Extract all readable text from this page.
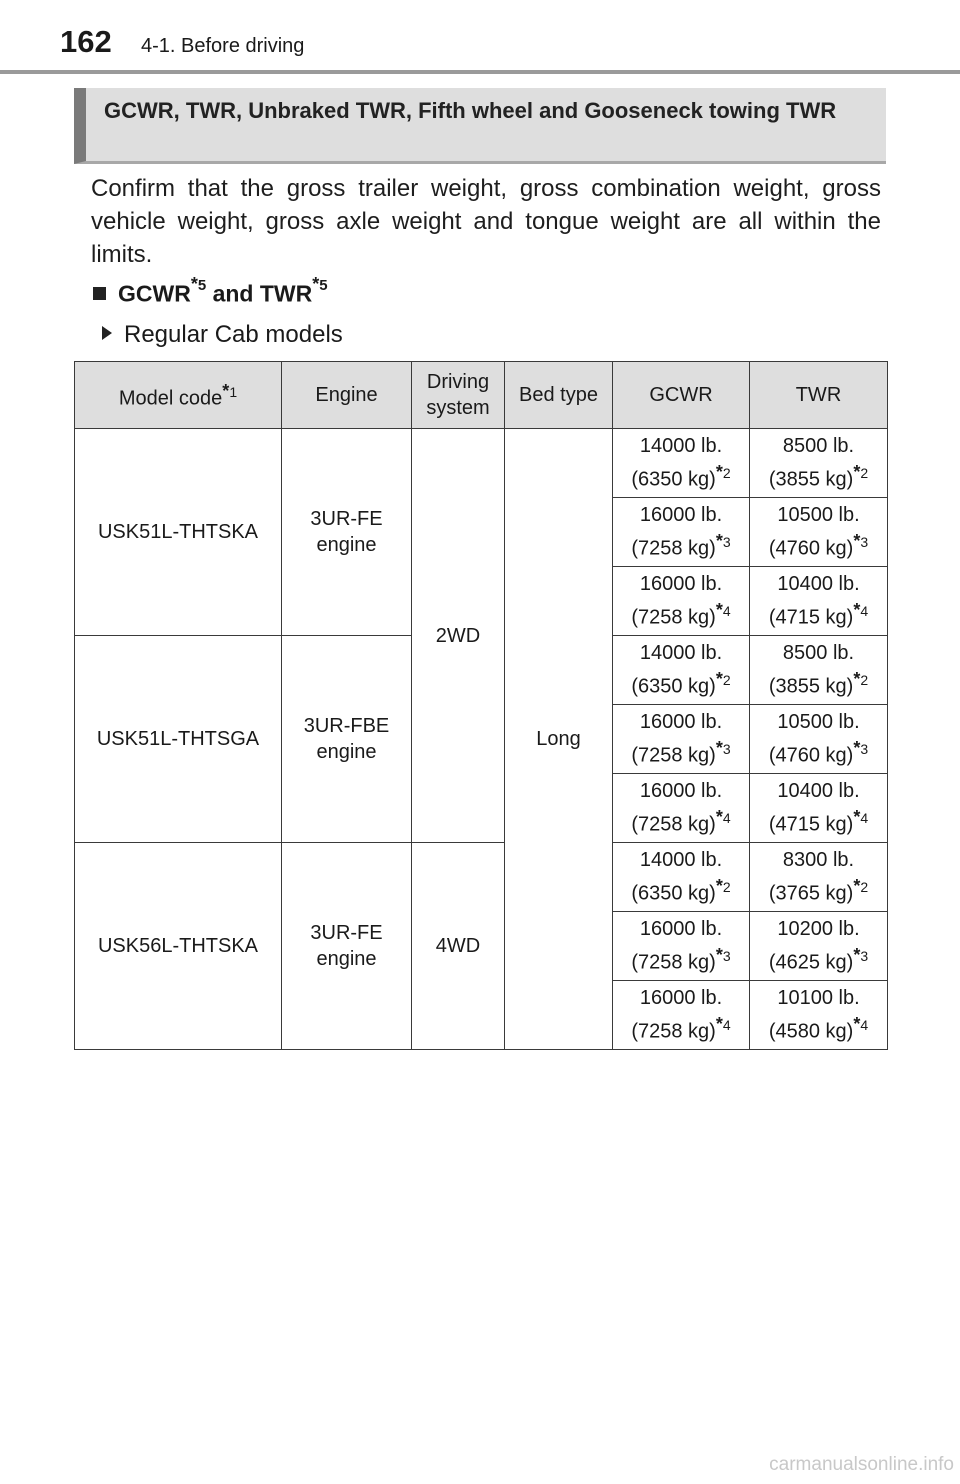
162 4-1. Before driving
GCWR, TWR, Unbraked TWR, Fifth wheel and Gooseneck towing TWR
Confirm that the gross trailer weight, gross combination weight, gross vehicle weight, gross axle weight and tongue weight are all within the limits.
GCWR$^{*5}$ and TWR$^{*5}$
Regular Cab models
Model code$^{*1}$	Engine	Driving
system	Bed type	GCWR	TWR
USK51L-THTSKA	3UR-FE
engine	2WD	Long	14000 lb.
(6350 kg)$^{*2}$	8500 lb.
(3855 kg)$^{*2}$
				16000 lb.
(7258 kg)$^{*3}$	10500 lb.
(4760 kg)$^{*3}$
				16000 lb.
(7258 kg)$^{*4}$	10400 lb.
(4715 kg)$^{*4}$
USK51L-THTSGA	3UR-FBE
engine			14000 lb.
(6350 kg)$^{*2}$	8500 lb.
(3855 kg)$^{*2}$
				16000 lb.
(7258 kg)$^{*3}$	10500 lb.
(4760 kg)$^{*3}$
				16000 lb.
(7258 kg)$^{*4}$	10400 lb.
(4715 kg)$^{*4}$
USK56L-THTSKA	3UR-FE
engine	4WD		14000 lb.
(6350 kg)$^{*2}$	8300 lb.
(3765 kg)$^{*2}$
				16000 lb.
(7258 kg)$^{*3}$	10200 lb.
(4625 kg)$^{*3}$
				16000 lb.
(7258 kg)$^{*4}$	10100 lb.
(4580 kg)$^{*4}$
carmanualsonline.info
